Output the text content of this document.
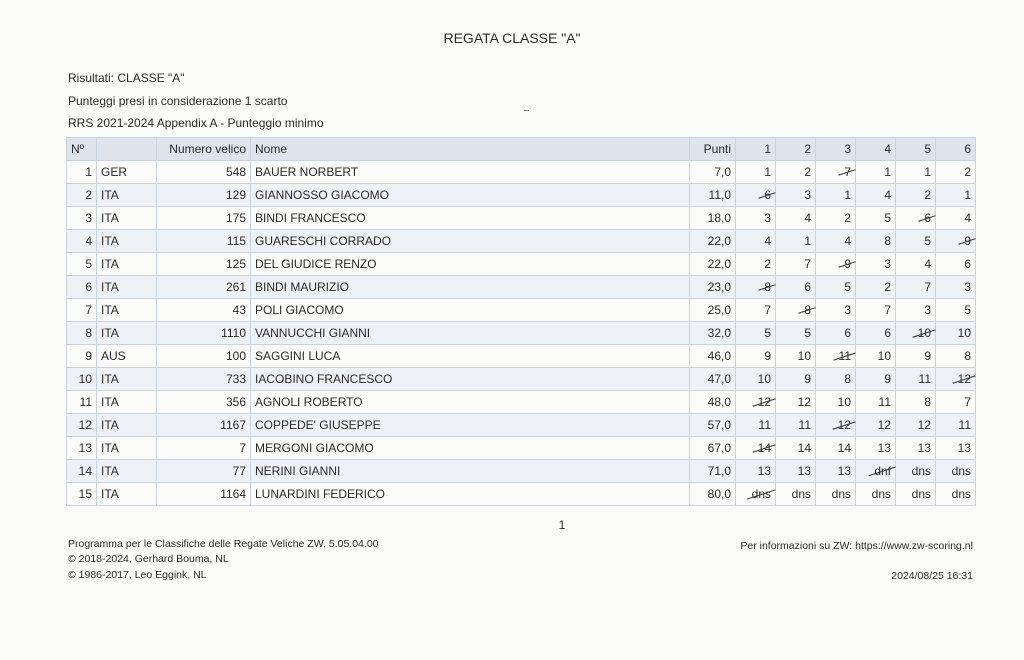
REGATA CLASSE "A"
Risultati: CLASSE "A"
Punteggi presi in considerazione 1 scarto
RRS 2021-2024 Appendix A - Punteggio minimo
Nº		Numero velico	Nome	Punti	1	2	3	4	5	6
1	GER	548	BAUER NORBERT	7,0	1	2	7	1	1	2
2	ITA	129	GIANNOSSO GIACOMO	11,0	6	3	1	4	2	1
3	ITA	175	BINDI FRANCESCO	18,0	3	4	2	5	6	4
4	ITA	115	GUARESCHI CORRADO	22,0	4	1	4	8	5	9
5	ITA	125	DEL GIUDICE RENZO	22,0	2	7	9	3	4	6
6	ITA	261	BINDI MAURIZIO	23,0	8	6	5	2	7	3
7	ITA	43	POLI GIACOMO	25,0	7	8	3	7	3	5
8	ITA	1110	VANNUCCHI GIANNI	32,0	5	5	6	6	10	10
9	AUS	100	SAGGINI LUCA	46,0	9	10	11	10	9	8
10	ITA	733	IACOBINO FRANCESCO	47,0	10	9	8	9	11	12
11	ITA	356	AGNOLI ROBERTO	48,0	12	12	10	11	8	7
12	ITA	1167	COPPEDE' GIUSEPPE	57,0	11	11	12	12	12	11
13	ITA	7	MERGONI GIACOMO	67,0	14	14	14	13	13	13
14	ITA	77	NERINI GIANNI	71,0	13	13	13	dnf	dns	dns
15	ITA	1164	LUNARDINI FEDERICO	80,0	dns	dns	dns	dns	dns	dns
1
Programma per le Classifiche delle Regate Veliche ZW, 5.05.04.00
© 2018-2024, Gerhard Bouma, NL
© 1986-2017, Leo Eggink, NL
Per informazioni su ZW: https://www.zw-scoring.nl
2024/08/25 16:31
